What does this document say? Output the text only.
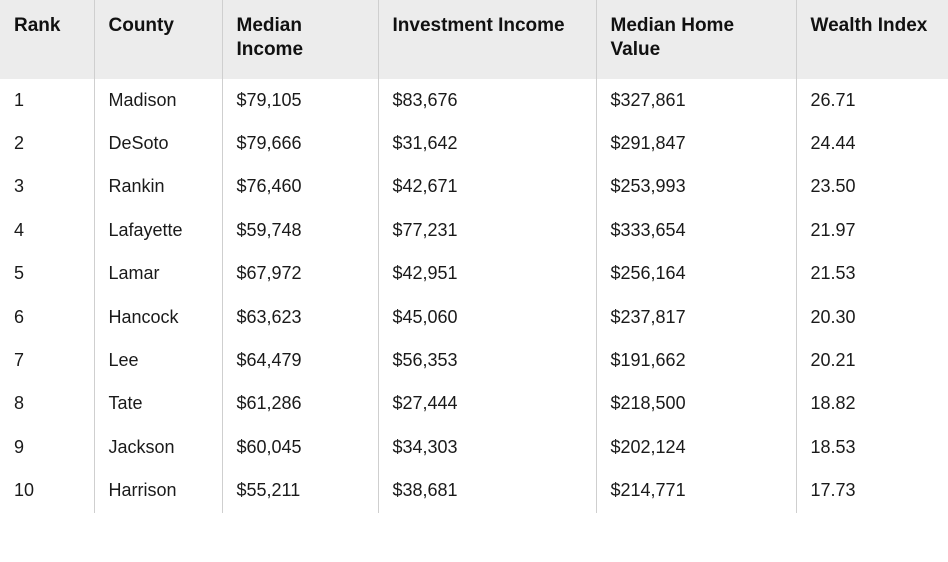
Rank	County	Median Income	Investment Income	Median Home Value	Wealth Index
1	Madison	$79,105	$83,676	$327,861	26.71
2	DeSoto	$79,666	$31,642	$291,847	24.44
3	Rankin	$76,460	$42,671	$253,993	23.50
4	Lafayette	$59,748	$77,231	$333,654	21.97
5	Lamar	$67,972	$42,951	$256,164	21.53
6	Hancock	$63,623	$45,060	$237,817	20.30
7	Lee	$64,479	$56,353	$191,662	20.21
8	Tate	$61,286	$27,444	$218,500	18.82
9	Jackson	$60,045	$34,303	$202,124	18.53
10	Harrison	$55,211	$38,681	$214,771	17.73
